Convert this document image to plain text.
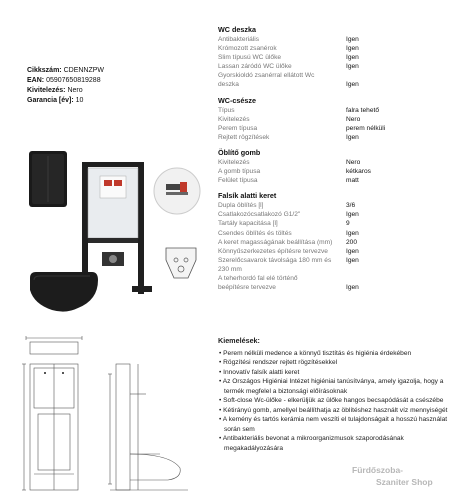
Cikkszám: CDENNZPW
EAN: 05907650819288
Kivitelezés: Nero
Garancia [év]: 10
WC deszka
Antibakteriális	Igen
Krómozott zsanérok	Igen
Slim típusú WC ülőke	Igen
Lassan záródó WC ülőke	Igen
Gyorskioldó zsanérral ellátott Wc
deszka	Igen
WC-csésze
Típus	falra tehető
Kivitelezés	Nero
Perem típusa	perem nélküli
Rejtett rögzítések	Igen
Öblítő gomb
Kivitelezés	Nero
A gomb típusa	kétkaros
Felület típusa	matt
Falsík alatti keret
Dupla öblítés [l]	3/6
Csatlakozócsatlakozó G1/2"	Igen
Tartály kapacitása [l]	9
Csendes öblítés és töltés	Igen
A keret magasságának beállítása (mm)	200
Könnyűszerkezetes építésre tervezve	Igen
Szerelőcsavarok távolsága 180 mm és	Igen
230 mm
A teherhordó fal elé történő
beépítésre tervezve	Igen
Kiemelések:
• Perem nélküli medence a könnyű tisztítás és higiénia érdekében
• Rögzítési rendszer rejtett rögzítésekkel
• Innovatív falsík alatti keret
• Az Országos Higiéniai Intézet higiéniai tanúsítványa, amely igazolja, hogy a termék megfelel a biztonsági előírásoknak
• Soft-close Wc-ülőke - elkerüljük az ülőke hangos becsapódását a csészébe
• Kétirányú gomb, amellyel beállíthatja az öblítéshez használt víz mennyiségét
• A kemény és tartós kerámia nem veszíti el tulajdonságait a hosszú használat során sem
• Antibakteriális bevonat a mikroorganizmusok szaporodásának megakadályozására
Fürdőszoba-
Szaniter Shop
